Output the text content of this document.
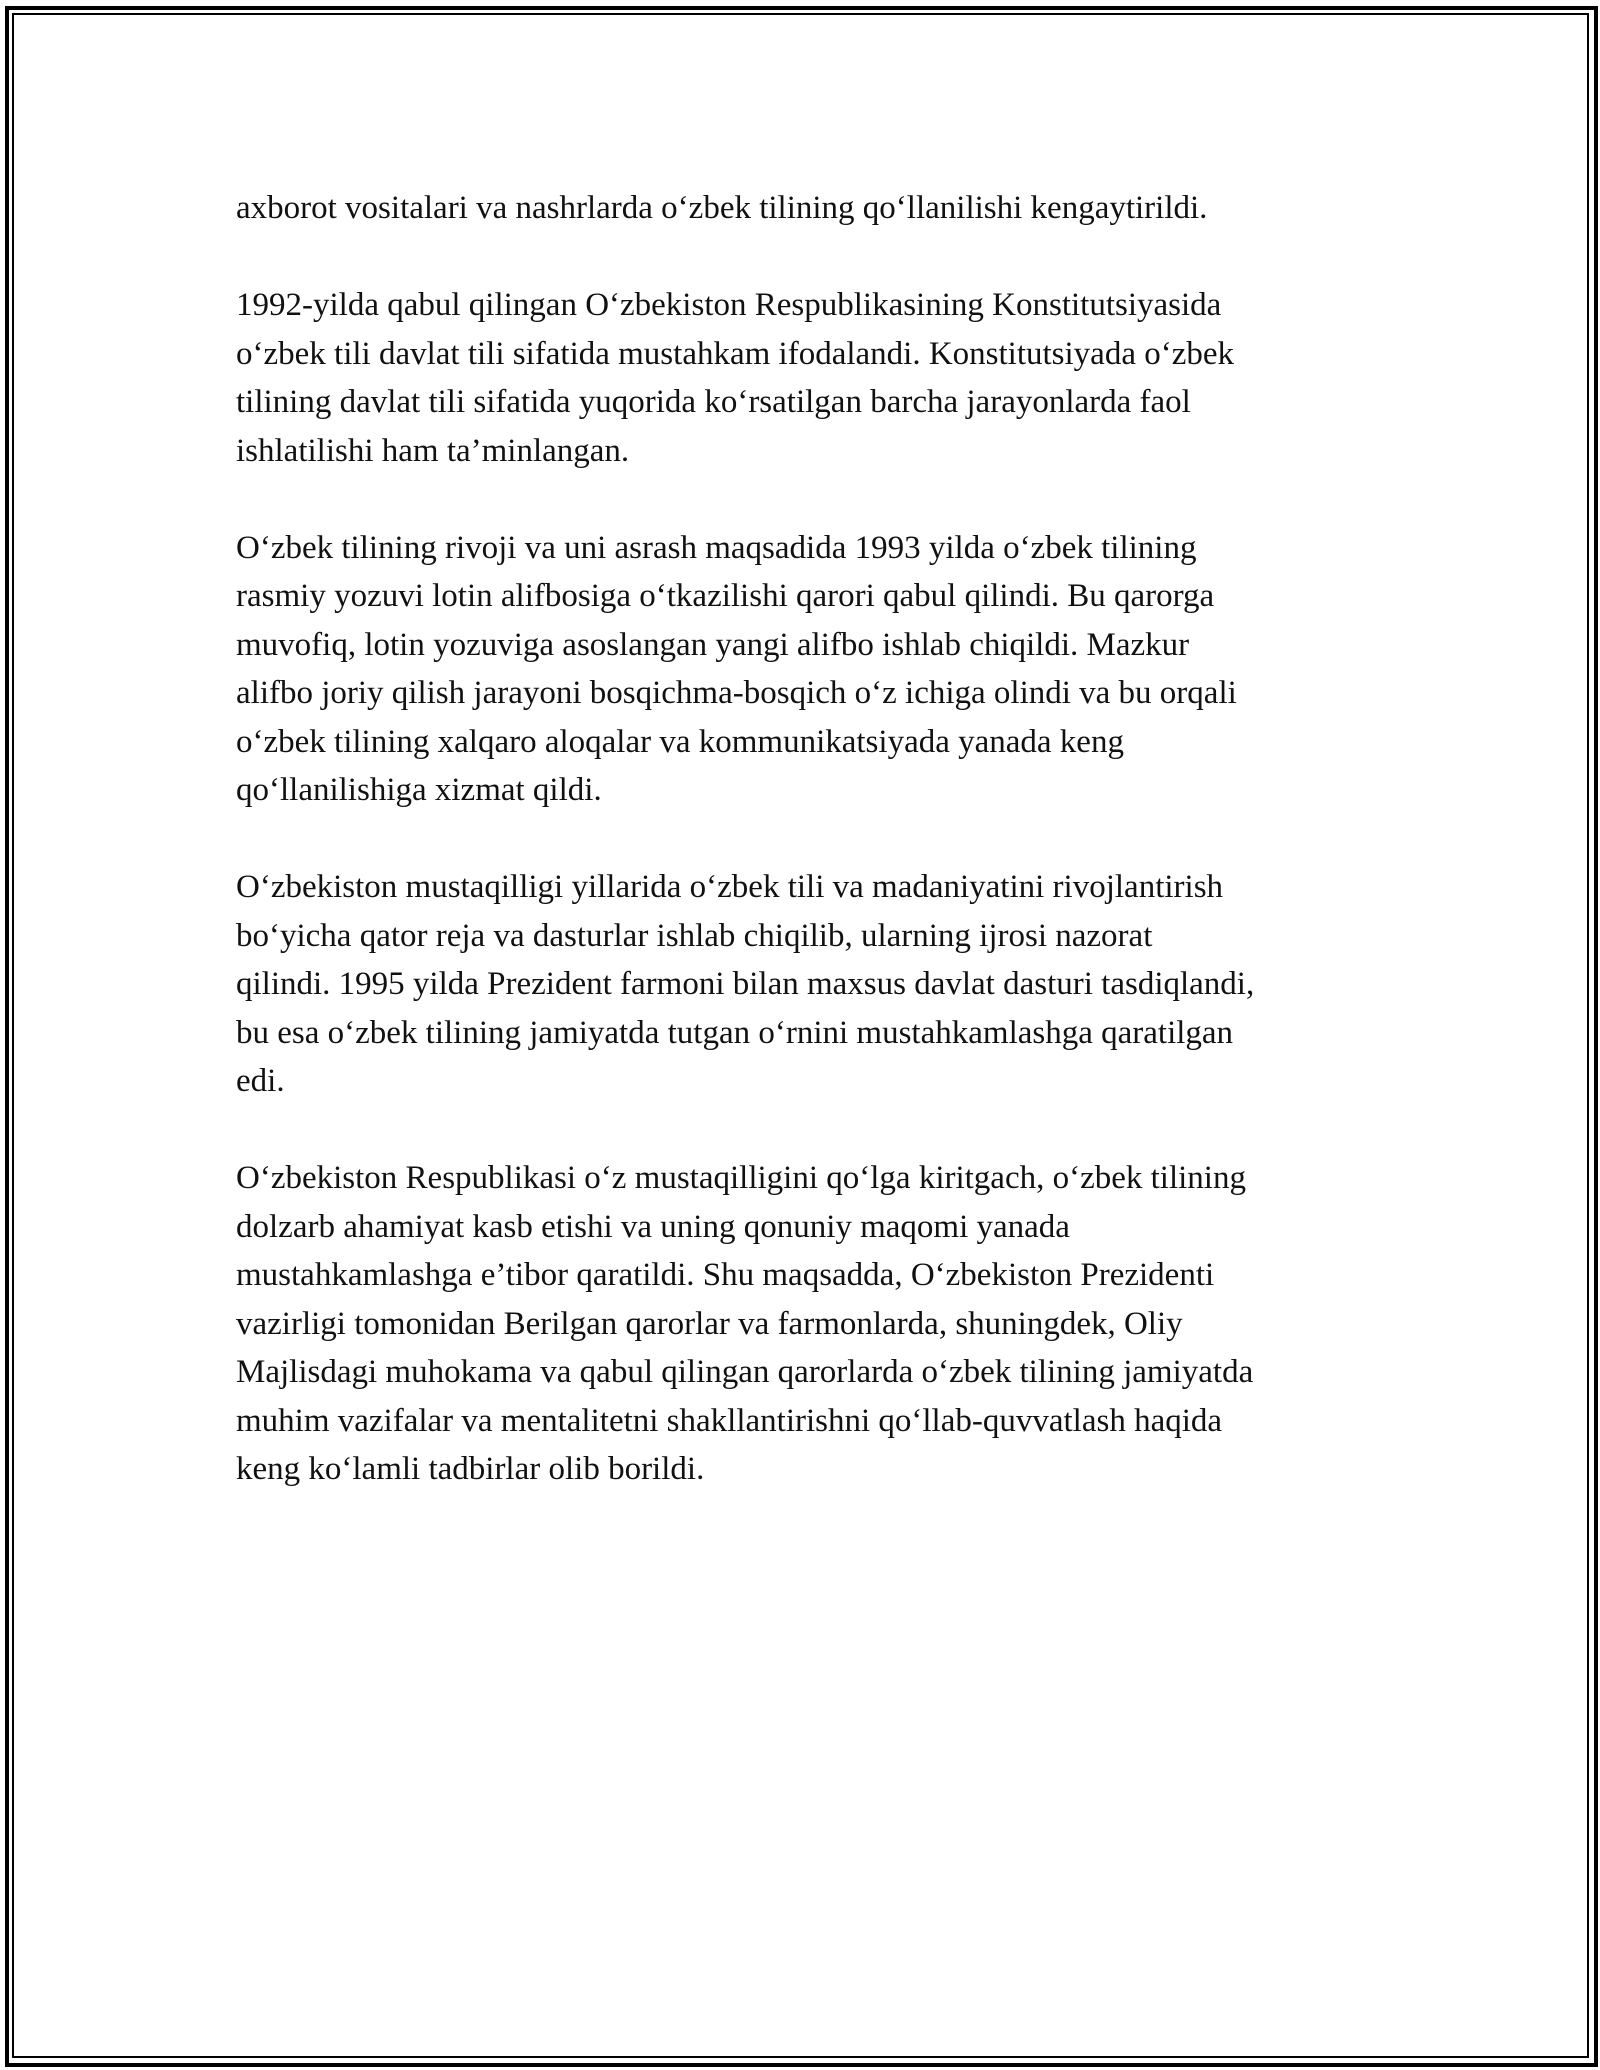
axborot vositalari va nashrlarda oʻzbek tilining qoʻllanilishi kengaytirildi.

1992-yilda qabul qilingan Oʻzbekiston Respublikasining Konstitutsiyasida
oʻzbek tili davlat tili sifatida mustahkam ifodalandi. Konstitutsiyada oʻzbek
tilining davlat tili sifatida yuqorida koʻrsatilgan barcha jarayonlarda faol
ishlatilishi ham ta’minlangan.

Oʻzbek tilining rivoji va uni asrash maqsadida 1993 yilda oʻzbek tilining
rasmiy yozuvi lotin alifbosiga oʻtkazilishi qarori qabul qilindi. Bu qarorga
muvofiq, lotin yozuviga asoslangan yangi alifbo ishlab chiqildi. Mazkur
alifbo joriy qilish jarayoni bosqichma-bosqich oʻz ichiga olindi va bu orqali
oʻzbek tilining xalqaro aloqalar va kommunikatsiyada yanada keng
qoʻllanilishiga xizmat qildi.

Oʻzbekiston mustaqilligi yillarida oʻzbek tili va madaniyatini rivojlantirish
boʻyicha qator reja va dasturlar ishlab chiqilib, ularning ijrosi nazorat
qilindi. 1995 yilda Prezident farmoni bilan maxsus davlat dasturi tasdiqlandi,
bu esa oʻzbek tilining jamiyatda tutgan oʻrnini mustahkamlashga qaratilgan
edi.

Oʻzbekiston Respublikasi oʻz mustaqilligini qoʻlga kiritgach, oʻzbek tilining
dolzarb ahamiyat kasb etishi va uning qonuniy maqomi yanada
mustahkamlashga e’tibor qaratildi. Shu maqsadda, Oʻzbekiston Prezidenti
vazirligi tomonidan Berilgan qarorlar va farmonlarda, shuningdek, Oliy
Majlisdagi muhokama va qabul qilingan qarorlarda oʻzbek tilining jamiyatda
muhim vazifalar va mentalitetni shakllantirishni qoʻllab-quvvatlash haqida
keng koʻlamli tadbirlar olib borildi.
